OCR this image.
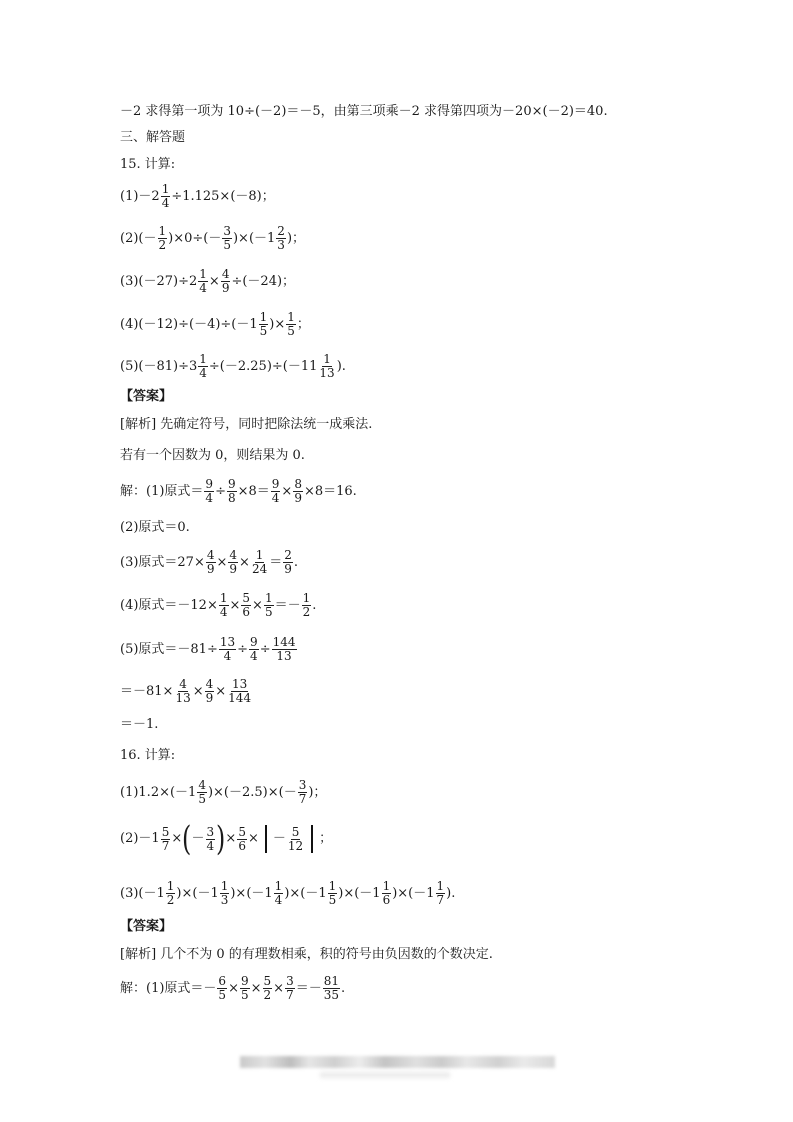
－2 求得第一项为 10÷(－2)＝－5，由第三项乘－2 求得第四项为－20×(－2)＝40.
三、解答题
15. 计算:
$(1)-2 \frac{1}{4} \div 1.125\times(-8)$；
(2)(－ 1
2 )×0÷(－ 3
5 )×(－1 2
3 )；
$(3)(-27)\div 2 \frac{1}{4} \times \frac{4}{9} \div(-24)$；
(4)(－12)÷(－4)÷(－1 1
5 )× $\frac{1}{5}$ ；
$(5)(-81)\div 3 \frac{1}{4} \div(-2.25)\div(-11$ 1
13 ).
【答案】
[解析] 先确定符号，同时把除法统一成乘法.
若有一个因数为 0，则结果为 0.
解：(1)原式＝ $\frac{9}{4} \div \frac{9}{8} \times 8= \frac{9}{4} \times \frac{8}{9} \times 8=16$.
(2)原式＝0.
(3)原式$=27\times \frac{4}{9} \times \frac{4}{9} \times \frac{1}{24} = 2$
9 .
(4)原式$=-12\times \frac{1}{4} \times \frac{5}{6} \times \frac{1}{5} =- 1$
2 .
(5)原式$=-81\div \frac{13}{4} \div \frac{9}{4} \div \frac{144}{13}$
$=-81\times \frac{4}{13} \times \frac{4}{9} \times \frac{13}{144}$
＝－1.
16. 计算:
(1)1.2×(－1 4
5 )×(－2.5)×(－ 3
7 )；
$(2)-1 \frac{5}{7}$ × ( － 3
4 ) × $\frac{5}{6}$ × － 5
12 ；
(3)(－1 1
2 )×(－1 1
3 )×(－1 1
4 )×(－1 1
5 )×(－1 1
6 )×(－1 1
7 ).
【答案】
[解析] 几个不为 0 的有理数相乘，积的符号由负因数的个数决定.
解：(1)原式＝－ $\frac{6}{5} \times \frac{9}{5} \times \frac{5}{2} \times \frac{3}{7} =- 81$
35 .
